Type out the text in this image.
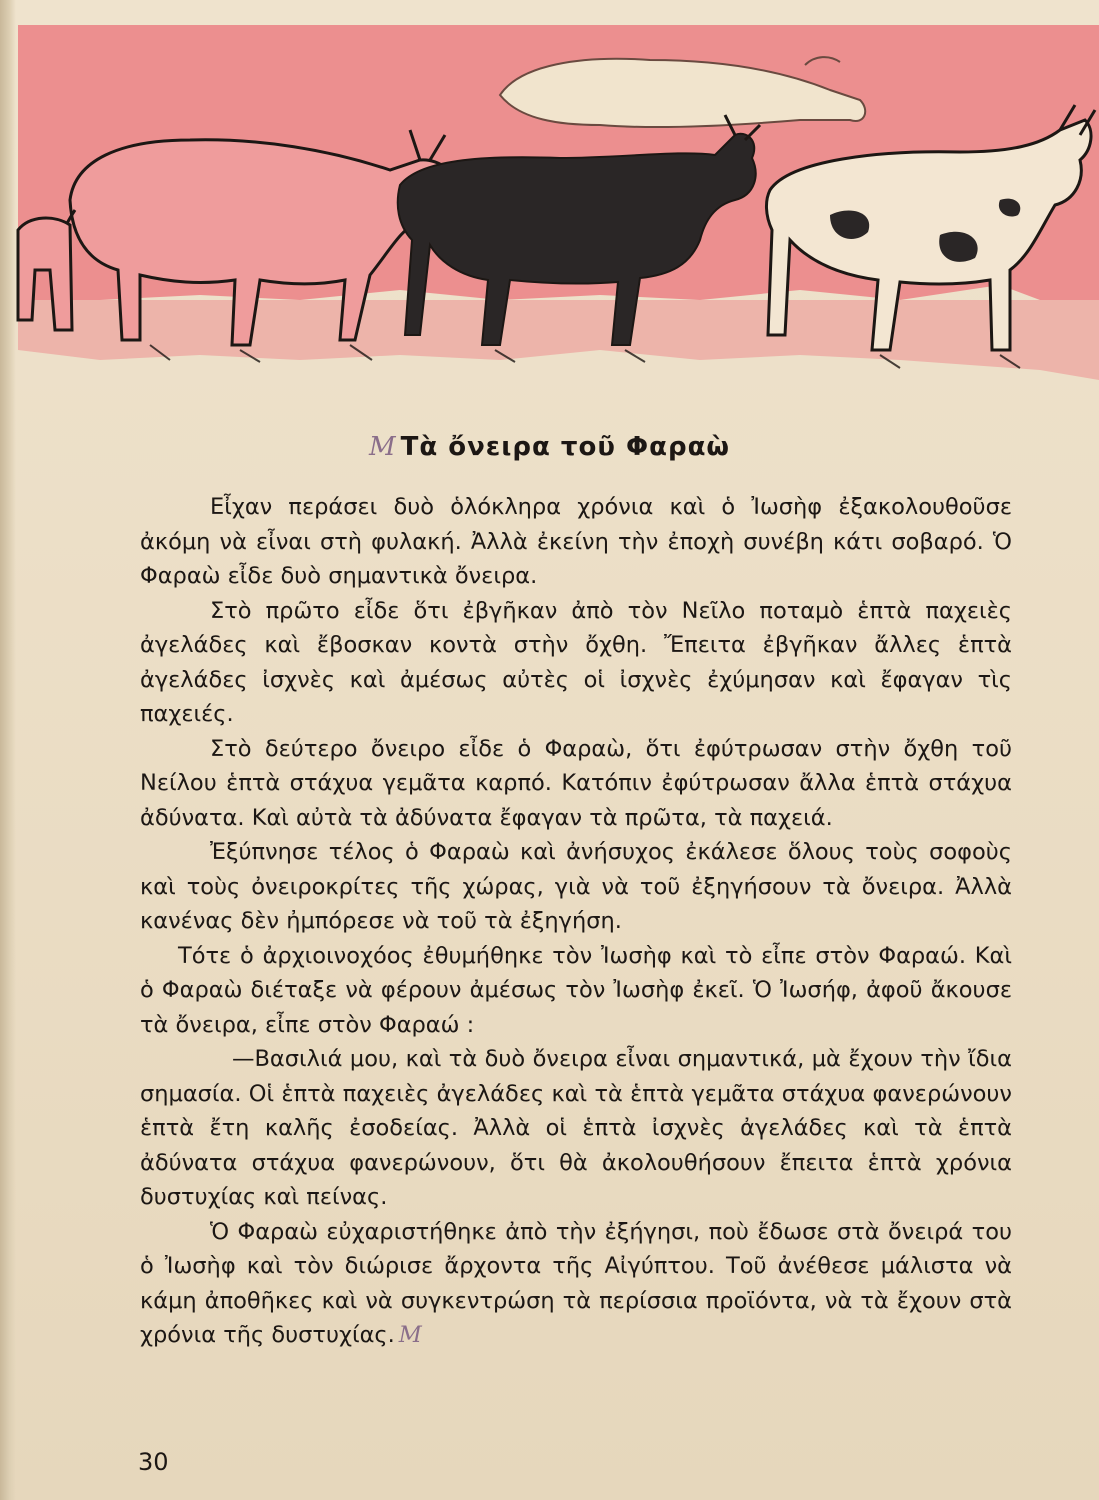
M Τὰ ὄνειρα τοῦ Φαραὼ

Εἶχαν περάσει δυὸ ὁλόκληρα χρόνια καὶ ὁ Ἰωσὴφ ἐξακολουθοῦσε ἀκόμη νὰ εἶναι στὴ φυλακή. Ἀλλὰ ἐκείνη τὴν ἐποχὴ συνέβη κάτι σοβαρό. Ὁ Φαραὼ εἶδε δυὸ σημαντικὰ ὄνειρα.

Στὸ πρῶτο εἶδε ὅτι ἐβγῆκαν ἀπὸ τὸν Νεῖλο ποταμὸ ἑπτὰ παχειὲς ἀγελάδες καὶ ἔβοσκαν κοντὰ στὴν ὄχθη. Ἔπειτα ἐβγῆκαν ἄλλες ἑπτὰ ἀγελάδες ἰσχνὲς καὶ ἀμέσως αὐτὲς οἱ ἰσχνὲς ἐχύμησαν καὶ ἔφαγαν τὶς παχειές.

Στὸ δεύτερο ὄνειρο εἶδε ὁ Φαραὼ, ὅτι ἐφύτρωσαν στὴν ὄχθη τοῦ Νείλου ἑπτὰ στάχυα γεμᾶτα καρπό. Κατόπιν ἐφύτρωσαν ἄλλα ἑπτὰ στάχυα ἀδύνατα. Καὶ αὐτὰ τὰ ἀδύνατα ἔφαγαν τὰ πρῶτα, τὰ παχειά.

Ἐξύπνησε τέλος ὁ Φαραὼ καὶ ἀνήσυχος ἐκάλεσε ὅλους τοὺς σοφοὺς καὶ τοὺς ὀνειροκρίτες τῆς χώρας, γιὰ νὰ τοῦ ἐξηγήσουν τὰ ὄνειρα. Ἀλλὰ κανένας δὲν ἠμπόρεσε νὰ τοῦ τὰ ἐξηγήση.

Τότε ὁ ἀρχιοινοχόος ἐθυμήθηκε τὸν Ἰωσὴφ καὶ τὸ εἶπε στὸν Φαραώ. Καὶ ὁ Φαραὼ διέταξε νὰ φέρουν ἀμέσως τὸν Ἰωσὴφ ἐκεῖ. Ὁ Ἰωσήφ, ἀφοῦ ἄκουσε τὰ ὄνειρα, εἶπε στὸν Φαραώ :

—Βασιλιά μου, καὶ τὰ δυὸ ὄνειρα εἶναι σημαντικά, μὰ ἔχουν τὴν ἴδια σημασία. Οἱ ἑπτὰ παχειὲς ἀγελάδες καὶ τὰ ἑπτὰ γεμᾶτα στάχυα φανερώνουν ἑπτὰ ἔτη καλῆς ἐσοδείας. Ἀλλὰ οἱ ἑπτὰ ἰσχνὲς ἀγελάδες καὶ τὰ ἑπτὰ ἀδύνατα στάχυα φανερώνουν, ὅτι θὰ ἀκολουθήσουν ἔπειτα ἑπτὰ χρόνια δυστυχίας καὶ πείνας.

Ὁ Φαραὼ εὐχαριστήθηκε ἀπὸ τὴν ἐξήγησι, ποὺ ἔδωσε στὰ ὄνειρά του ὁ Ἰωσὴφ καὶ τὸν διώρισε ἄρχοντα τῆς Αἰγύπτου. Τοῦ ἀνέθεσε μάλιστα νὰ κάμη ἀποθῆκες καὶ νὰ συγκεντρώση τὰ περίσσια προϊόντα, νὰ τὰ ἔχουν στὰ χρόνια τῆς δυστυχίας. M

30
